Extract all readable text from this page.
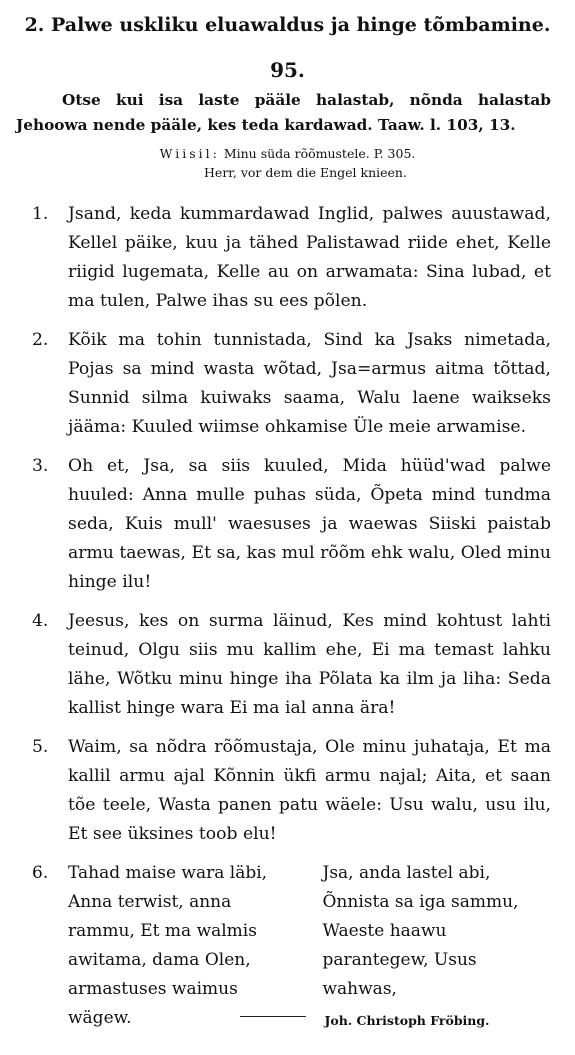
2. Palwe uskliku eluawaldus ja hinge tõmbamine.
95.
Otse kui isa laste pääle halastab, nõnda halastab Jehoowa nende pääle, kes teda kardawad. Taaw. l. 103, 13.
Wiisil: Minu süda rõõmustele. P. 305.
Herr, vor dem die Engel knieen.
1.	Jsand, keda kummardawad Inglid, palwes auustawad, Kellel päike, kuu ja tähed Palistawad riide ehet, Kelle riigid lugemata, Kelle au on arwamata: Sina lubad, et ma tulen, Palwe ihas su ees põlen.
2.	Kõik ma tohin tunnistada, Sind ka Jsaks nimetada, Pojas sa mind wasta wõtad, Jsa=armus aitma tõttad, Sunnid silma kuiwaks saama, Walu laene waikseks jääma: Kuuled wiimse ohkamise Üle meie arwamise.
3.	Oh et, Jsa, sa siis kuuled, Mida hüüd'wad palwe huuled: Anna mulle puhas süda, Õpeta mind tundma seda, Kuis mull' waesuses ja waewas Siiski paistab armu taewas, Et sa, kas mul rõõm ehk walu, Oled minu hinge ilu!
4.	Jeesus, kes on surma läinud, Kes mind kohtust lahti teinud, Olgu siis mu kallim ehe, Ei ma temast lahku lähe, Wõtku minu hinge iha Põlata ka ilm ja liha: Seda kallist hinge wara Ei ma ial anna ära!
5.	Waim, sa nõdra rõõmustaja, Ole minu juhataja, Et ma kallil armu ajal Kõnnin ükfi armu najal; Aita, et saan tõe teele, Wasta panen patu wäele: Usu walu, usu ilu, Et see üksines toob elu!
6.	Tahad maise wara läbi, Anna terwist, anna rammu, Et ma walmis awitama, dama Olen, armastuses waimus wägew.
Jsa, anda lastel abi, Õnnista sa iga sammu, Waeste haawu parantegew, Usus wahwas,
Joh. Christoph Fröbing.
